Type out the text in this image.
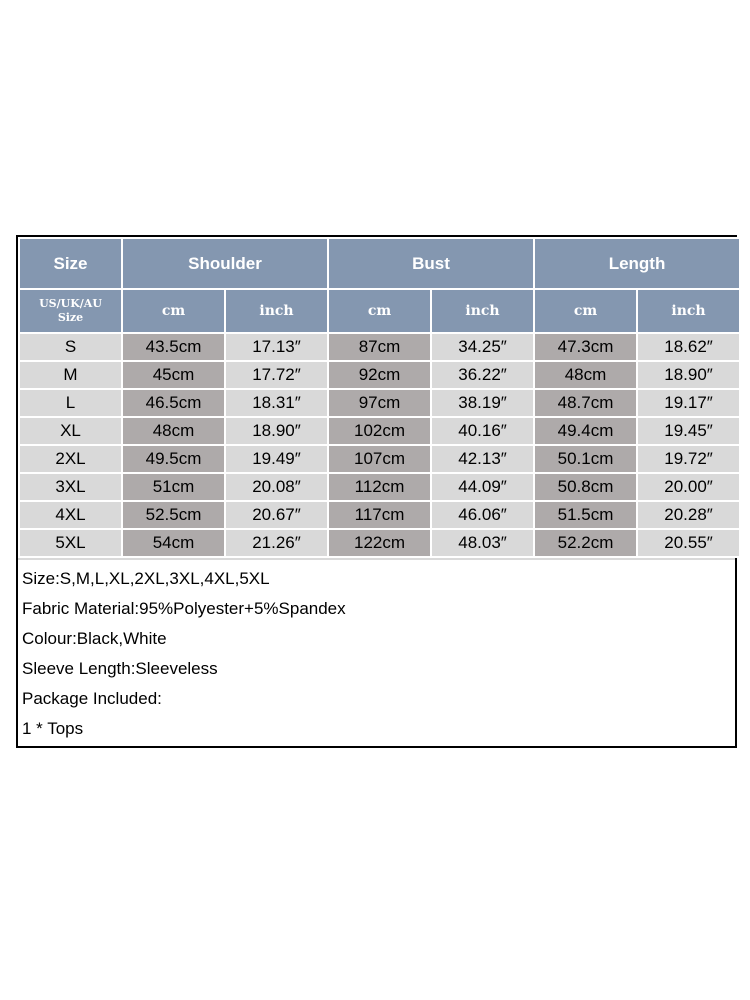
Size	Shoulder		Bust		Length	

US/UK/AU
Size	cm	inch	cm	inch	cm	inch
S	43.5cm	17.13″	87cm	34.25″	47.3cm	18.62″
M	45cm	17.72″	92cm	36.22″	48cm	18.90″
L	46.5cm	18.31″	97cm	38.19″	48.7cm	19.17″
XL	48cm	18.90″	102cm	40.16″	49.4cm	19.45″
2XL	49.5cm	19.49″	107cm	42.13″	50.1cm	19.72″
3XL	51cm	20.08″	112cm	44.09″	50.8cm	20.00″
4XL	52.5cm	20.67″	117cm	46.06″	51.5cm	20.28″
5XL	54cm	21.26″	122cm	48.03″	52.2cm	20.55″
Size:S,M,L,XL,2XL,3XL,4XL,5XL
Fabric Material:95%Polyester+5%Spandex
Colour:Black,White
Sleeve Length:Sleeveless
Package Included:
1 * Tops
